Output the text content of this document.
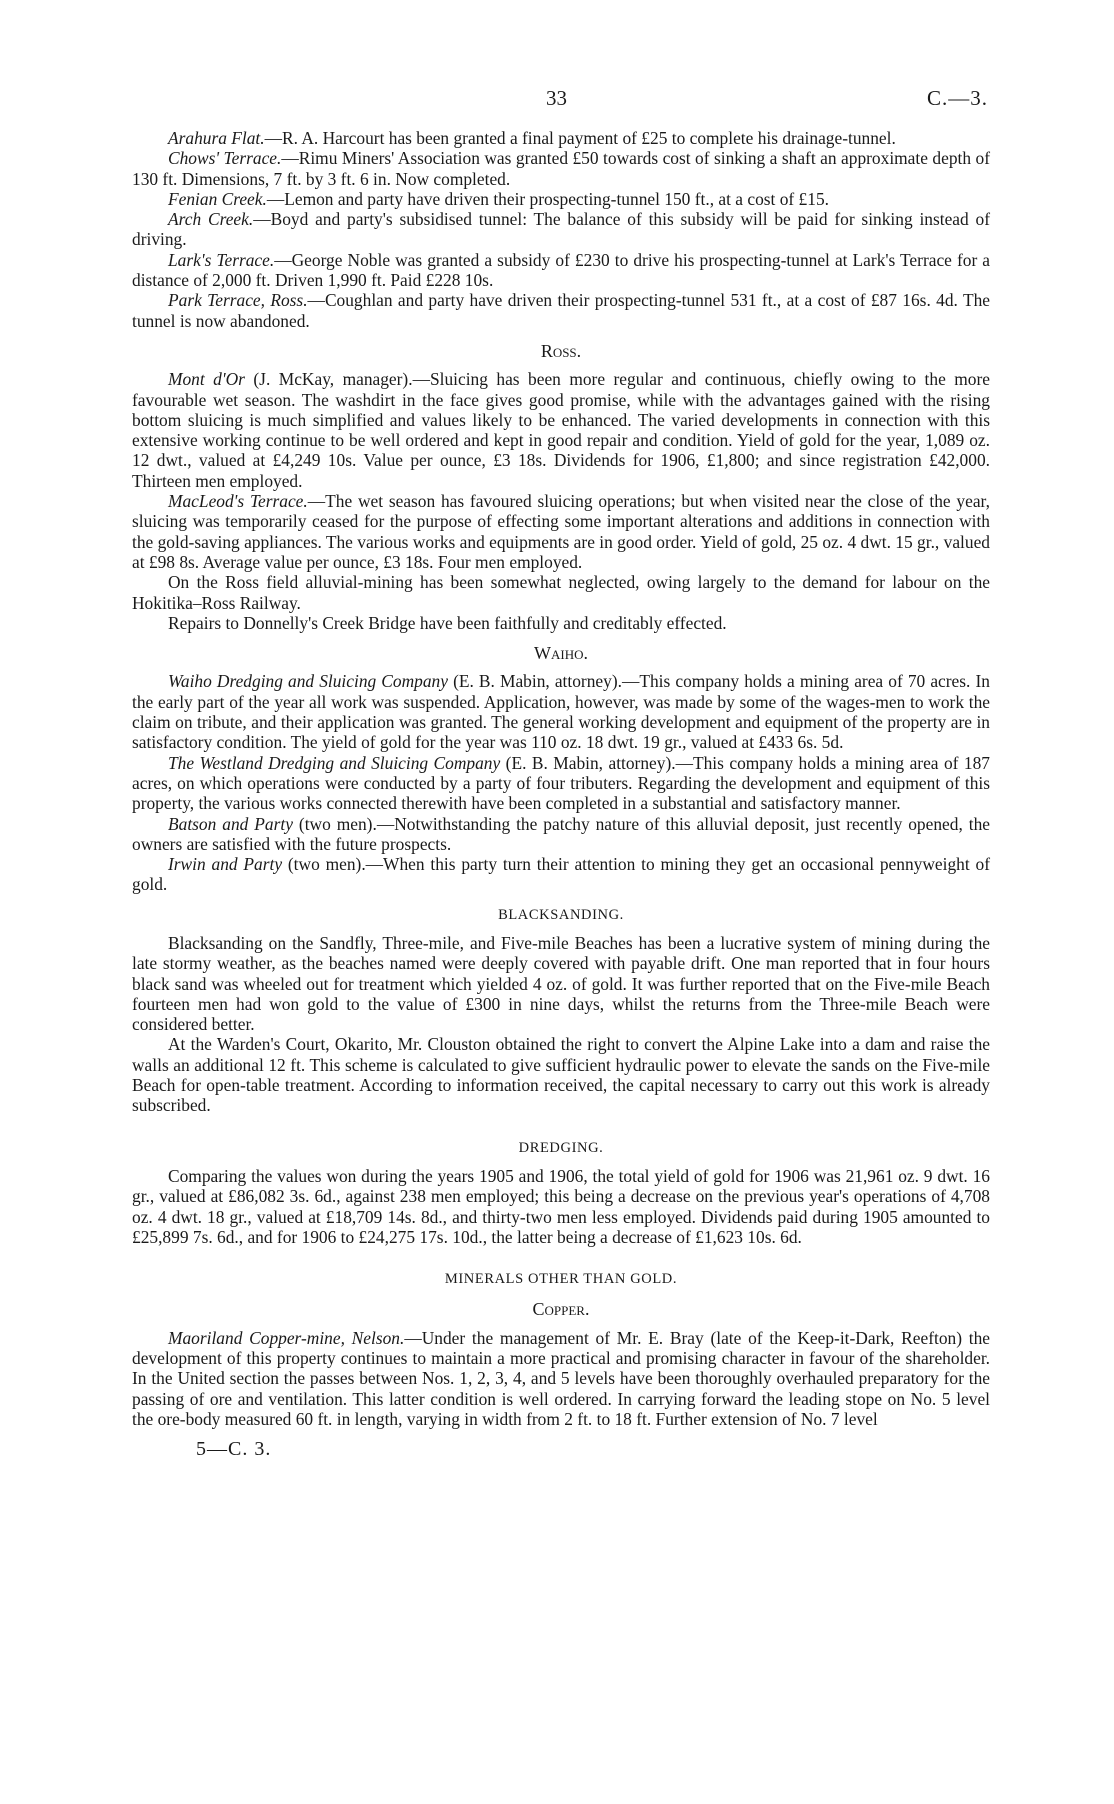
33	C.—3.

Arahura Flat.—R. A. Harcourt has been granted a final payment of £25 to complete his drainage-tunnel.

Chows' Terrace.—Rimu Miners' Association was granted £50 towards cost of sinking a shaft an approximate depth of 130 ft. Dimensions, 7 ft. by 3 ft. 6 in. Now completed.

Fenian Creek.—Lemon and party have driven their prospecting-tunnel 150 ft., at a cost of £15.

Arch Creek.—Boyd and party's subsidised tunnel: The balance of this subsidy will be paid for sinking instead of driving.

Lark's Terrace.—George Noble was granted a subsidy of £230 to drive his prospecting-tunnel at Lark's Terrace for a distance of 2,000 ft. Driven 1,990 ft. Paid £228 10s.

Park Terrace, Ross.—Coughlan and party have driven their prospecting-tunnel 531 ft., at a cost of £87 16s. 4d. The tunnel is now abandoned.

Ross.

Mont d'Or (J. McKay, manager).—Sluicing has been more regular and continuous, chiefly owing to the more favourable wet season. The washdirt in the face gives good promise, while with the advantages gained with the rising bottom sluicing is much simplified and values likely to be enhanced. The varied developments in connection with this extensive working continue to be well ordered and kept in good repair and condition. Yield of gold for the year, 1,089 oz. 12 dwt., valued at £4,249 10s. Value per ounce, £3 18s. Dividends for 1906, £1,800; and since registration £42,000. Thirteen men employed.

MacLeod's Terrace.—The wet season has favoured sluicing operations; but when visited near the close of the year, sluicing was temporarily ceased for the purpose of effecting some important alterations and additions in connection with the gold-saving appliances. The various works and equipments are in good order. Yield of gold, 25 oz. 4 dwt. 15 gr., valued at £98 8s. Average value per ounce, £3 18s. Four men employed.

On the Ross field alluvial-mining has been somewhat neglected, owing largely to the demand for labour on the Hokitika–Ross Railway.

Repairs to Donnelly's Creek Bridge have been faithfully and creditably effected.

Waiho.

Waiho Dredging and Sluicing Company (E. B. Mabin, attorney).—This company holds a mining area of 70 acres. In the early part of the year all work was suspended. Application, however, was made by some of the wages-men to work the claim on tribute, and their application was granted. The general working development and equipment of the property are in satisfactory condition. The yield of gold for the year was 110 oz. 18 dwt. 19 gr., valued at £433 6s. 5d.

The Westland Dredging and Sluicing Company (E. B. Mabin, attorney).—This company holds a mining area of 187 acres, on which operations were conducted by a party of four tributers. Regarding the development and equipment of this property, the various works connected therewith have been completed in a substantial and satisfactory manner.

Batson and Party (two men).—Notwithstanding the patchy nature of this alluvial deposit, just recently opened, the owners are satisfied with the future prospects.

Irwin and Party (two men).—When this party turn their attention to mining they get an occasional pennyweight of gold.

BLACKSANDING.

Blacksanding on the Sandfly, Three-mile, and Five-mile Beaches has been a lucrative system of mining during the late stormy weather, as the beaches named were deeply covered with payable drift. One man reported that in four hours black sand was wheeled out for treatment which yielded 4 oz. of gold. It was further reported that on the Five-mile Beach fourteen men had won gold to the value of £300 in nine days, whilst the returns from the Three-mile Beach were considered better.

At the Warden's Court, Okarito, Mr. Clouston obtained the right to convert the Alpine Lake into a dam and raise the walls an additional 12 ft. This scheme is calculated to give sufficient hydraulic power to elevate the sands on the Five-mile Beach for open-table treatment. According to information received, the capital necessary to carry out this work is already subscribed.

DREDGING.

Comparing the values won during the years 1905 and 1906, the total yield of gold for 1906 was 21,961 oz. 9 dwt. 16 gr., valued at £86,082 3s. 6d., against 238 men employed; this being a decrease on the previous year's operations of 4,708 oz. 4 dwt. 18 gr., valued at £18,709 14s. 8d., and thirty-two men less employed. Dividends paid during 1905 amounted to £25,899 7s. 6d., and for 1906 to £24,275 17s. 10d., the latter being a decrease of £1,623 10s. 6d.

MINERALS OTHER THAN GOLD.
Copper.

Maoriland Copper-mine, Nelson.—Under the management of Mr. E. Bray (late of the Keep-it-Dark, Reefton) the development of this property continues to maintain a more practical and promising character in favour of the shareholder. In the United section the passes between Nos. 1, 2, 3, 4, and 5 levels have been thoroughly overhauled preparatory for the passing of ore and ventilation. This latter condition is well ordered. In carrying forward the leading stope on No. 5 level the ore-body measured 60 ft. in length, varying in width from 2 ft. to 18 ft. Further extension of No. 7 level

5—C. 3.
